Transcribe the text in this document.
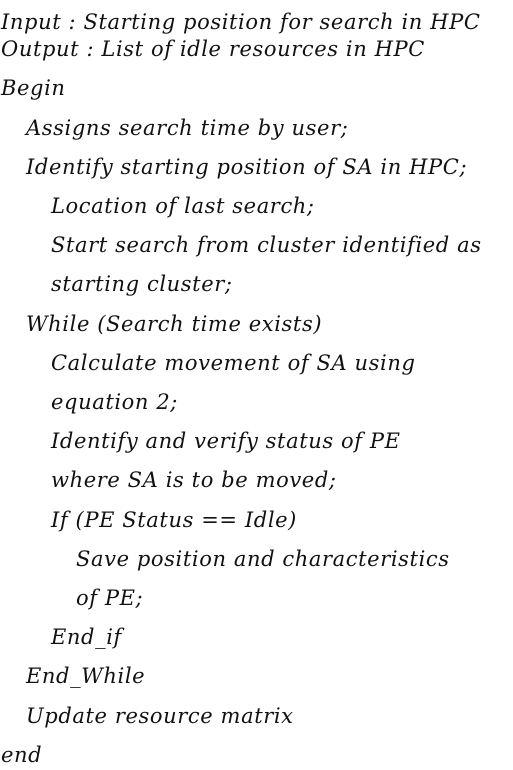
Input : Starting position for search in HPC
Output : List of idle resources in HPC
Begin
Assigns search time by user;
Identify starting position of SA in HPC;
Location of last search;
Start search from cluster identified as
starting cluster;
While (Search time exists)
Calculate movement of SA using
equation 2;
Identify and verify status of PE
where SA is to be moved;
If (PE Status == Idle)
Save position and characteristics
of PE;
End_if
End_While
Update resource matrix
end
